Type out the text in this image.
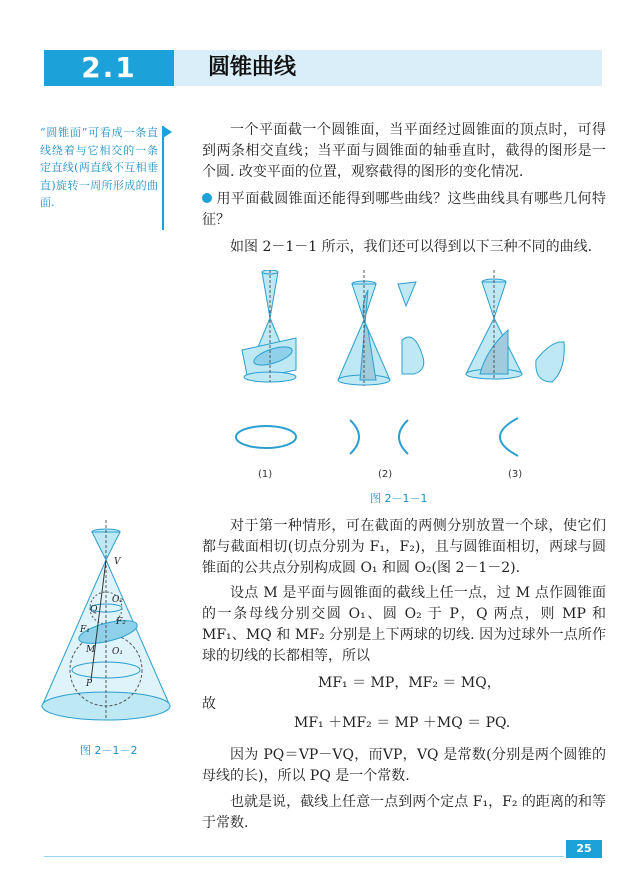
2.1	圆锥曲线
“圆锥面”可看成一条直线绕着与它相交的一条定直线(两直线不互相垂直)旋转一周所形成的曲面.
一个平面截一个圆锥面，当平面经过圆锥面的顶点时，可得到两条相交直线；当平面与圆锥面的轴垂直时，截得的图形是一个圆. 改变平面的位置，观察截得的图形的变化情况.
用平面截圆锥面还能得到哪些曲线？这些曲线具有哪些几何特征？
如图 2－1－1 所示，我们还可以得到以下三种不同的曲线.
(1)	(2)	(3)
图 2－1－1
V
Q
O₂
F₂
F₁
M O₁
P
图 2－1－2
对于第一种情形，可在截面的两侧分别放置一个球，使它们都与截面相切(切点分别为 F₁，F₂)，且与圆锥面相切，两球与圆锥面的公共点分别构成圆 O₁ 和圆 O₂(图 2－1－2).
设点 M 是平面与圆锥面的截线上任一点，过 M 点作圆锥面的一条母线分别交圆 O₁、圆 O₂ 于 P，Q 两点，则 MP 和 MF₁、MQ 和 MF₂ 分别是上下两球的切线. 因为过球外一点所作球的切线的长都相等，所以
MF₁ ＝ MP，MF₂ ＝ MQ，
故
MF₁ ＋MF₂ ＝ MP ＋MQ ＝ PQ.
因为 PQ＝VP－VQ，而VP，VQ 是常数(分别是两个圆锥的母线的长)，所以 PQ 是一个常数.
也就是说，截线上任意一点到两个定点 F₁，F₂ 的距离的和等于常数.
25
